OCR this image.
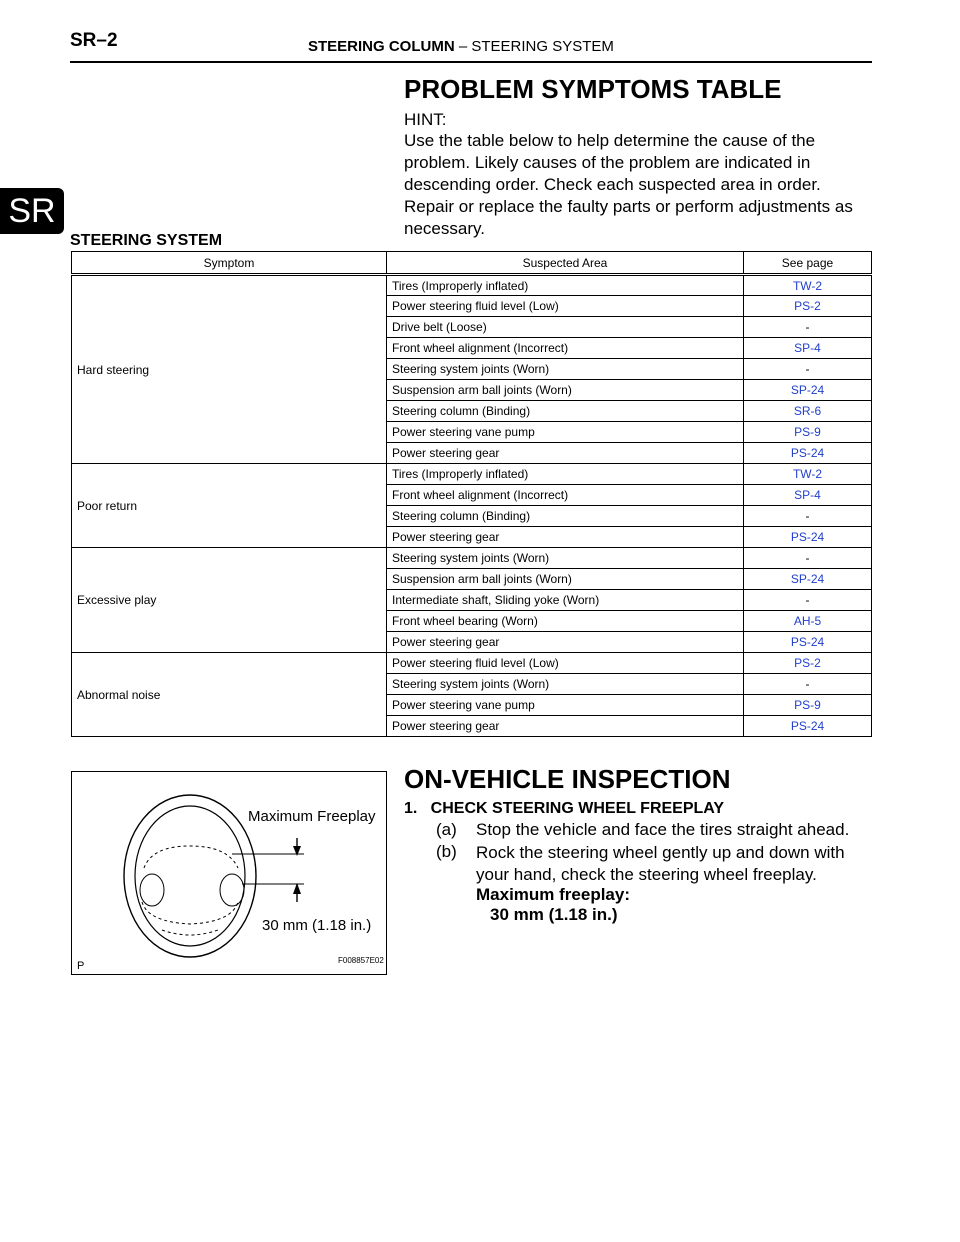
SR–2	STEERING COLUMN – STEERING SYSTEM
SR
PROBLEM SYMPTOMS TABLE
HINT:
Use the table below to help determine the cause of the problem. Likely causes of the problem are indicated in descending order. Check each suspected area in order. Repair or replace the faulty parts or perform adjustments as necessary.
STEERING SYSTEM
Symptom	Suspected Area	See page
Hard steering	Tires (Improperly inflated)	TW-2
	Power steering fluid level (Low)	PS-2
	Drive belt (Loose)	-
	Front wheel alignment (Incorrect)	SP-4
	Steering system joints (Worn)	-
	Suspension arm ball joints (Worn)	SP-24
	Steering column (Binding)	SR-6
	Power steering vane pump	PS-9
	Power steering gear	PS-24
Poor return	Tires (Improperly inflated)	TW-2
	Front wheel alignment (Incorrect)	SP-4
	Steering column (Binding)	-
	Power steering gear	PS-24
Excessive play	Steering system joints (Worn)	-
	Suspension arm ball joints (Worn)	SP-24
	Intermediate shaft, Sliding yoke (Worn)	-
	Front wheel bearing (Worn)	AH-5
	Power steering gear	PS-24
Abnormal noise	Power steering fluid level (Low)	PS-2
	Steering system joints (Worn)	-
	Power steering vane pump	PS-9
	Power steering gear	PS-24
Maximum Freeplay
30 mm (1.18 in.)
F008857E02
P
ON-VEHICLE INSPECTION
1.   CHECK STEERING WHEEL FREEPLAY
(a) Stop the vehicle and face the tires straight ahead.
(b) Rock the steering wheel gently up and down with your hand, check the steering wheel freeplay.
Maximum freeplay:
30 mm (1.18 in.)
